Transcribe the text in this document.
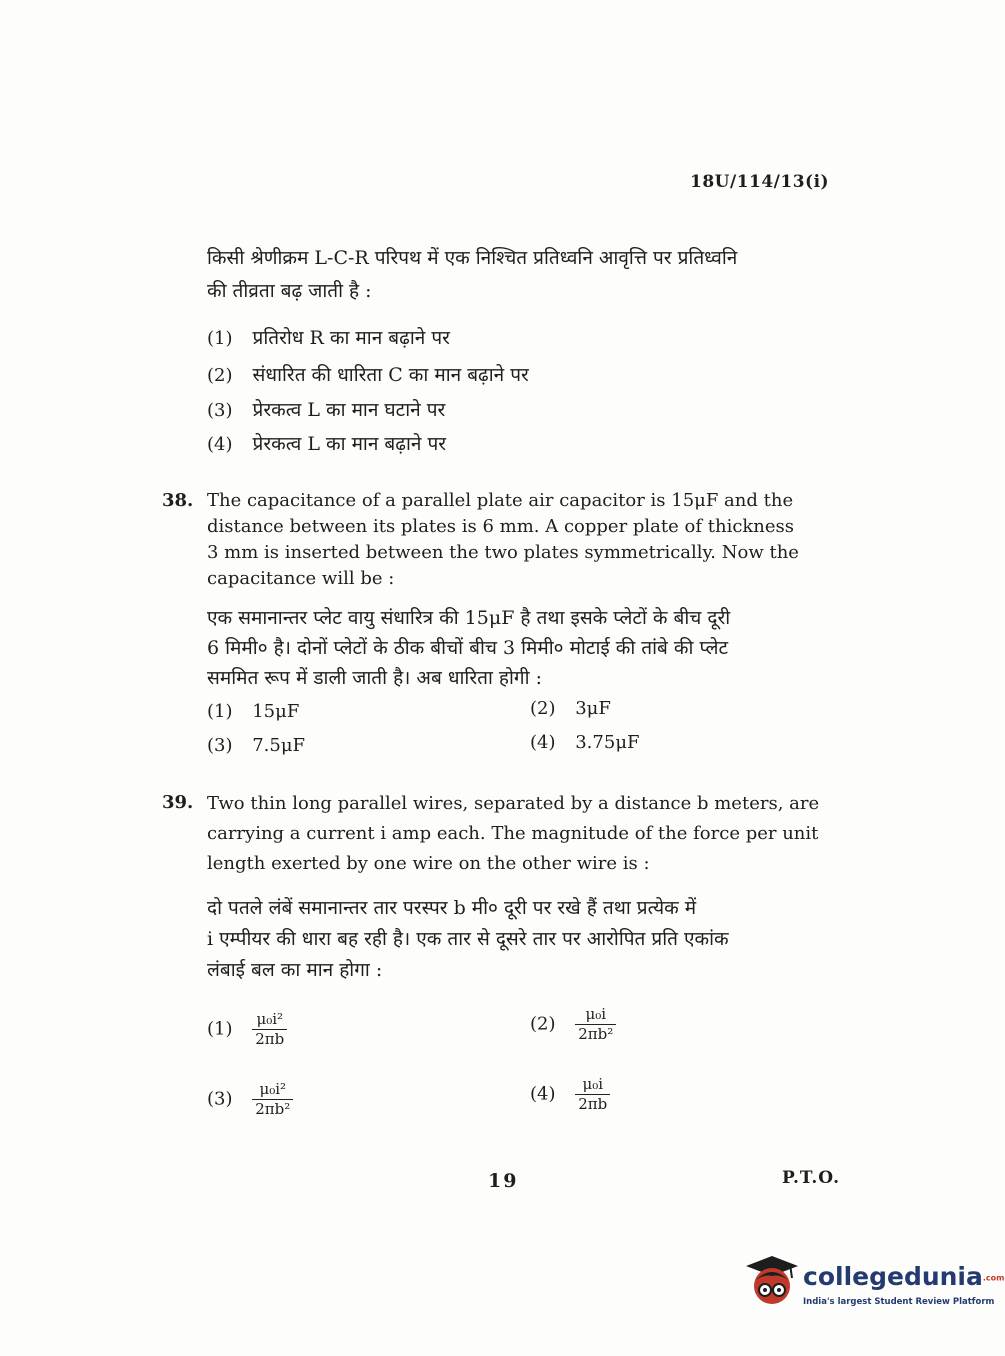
18U/114/13(i)
किसी श्रेणीक्रम L-C-R परिपथ में एक निश्चित प्रतिध्वनि आवृत्ति पर प्रतिध्वनि
की तीव्रता बढ़ जाती है :
(1) प्रतिरोध R का मान बढ़ाने पर
(2) संधारित की धारिता C का मान बढ़ाने पर
(3) प्रेरकत्व L का मान घटाने पर
(4) प्रेरकत्व L का मान बढ़ाने पर
38. The capacitance of a parallel plate air capacitor is 15μF and the
distance between its plates is 6 mm. A copper plate of thickness
3 mm is inserted between the two plates symmetrically. Now the
capacitance will be :
एक समानान्तर प्लेट वायु संधारित्र की 15μF है तथा इसके प्लेटों के बीच दूरी
6 मिमी० है। दोनों प्लेटों के ठीक बीचों बीच 3 मिमी० मोटाई की तांबे की प्लेट
सममित रूप में डाली जाती है। अब धारिता होगी :
(1) 15μF	(2) 3μF
(3) 7.5μF	(4) 3.75μF
39. Two thin long parallel wires, separated by a distance b meters, are
carrying a current i amp each. The magnitude of the force per unit
length exerted by one wire on the other wire is :
दो पतले लंबें समानान्तर तार परस्पर b मी० दूरी पर रखे हैं तथा प्रत्येक में
i एम्पीयर की धारा बह रही है। एक तार से दूसरे तार पर आरोपित प्रति एकांक
लंबाई बल का मान होगा :
$(1) \frac{\text{μ₀i²}}{2\pi b}$	$(2) \frac{\text{μ₀i}}{\text{2πb²}}$
$(3) \frac{\text{μ₀i²}}{\text{2πb²}}$	$(4) \frac{\text{μ₀i}}{2\pi b}$
19	P.T.O.
collegedunia.com
India's largest Student Review Platform
